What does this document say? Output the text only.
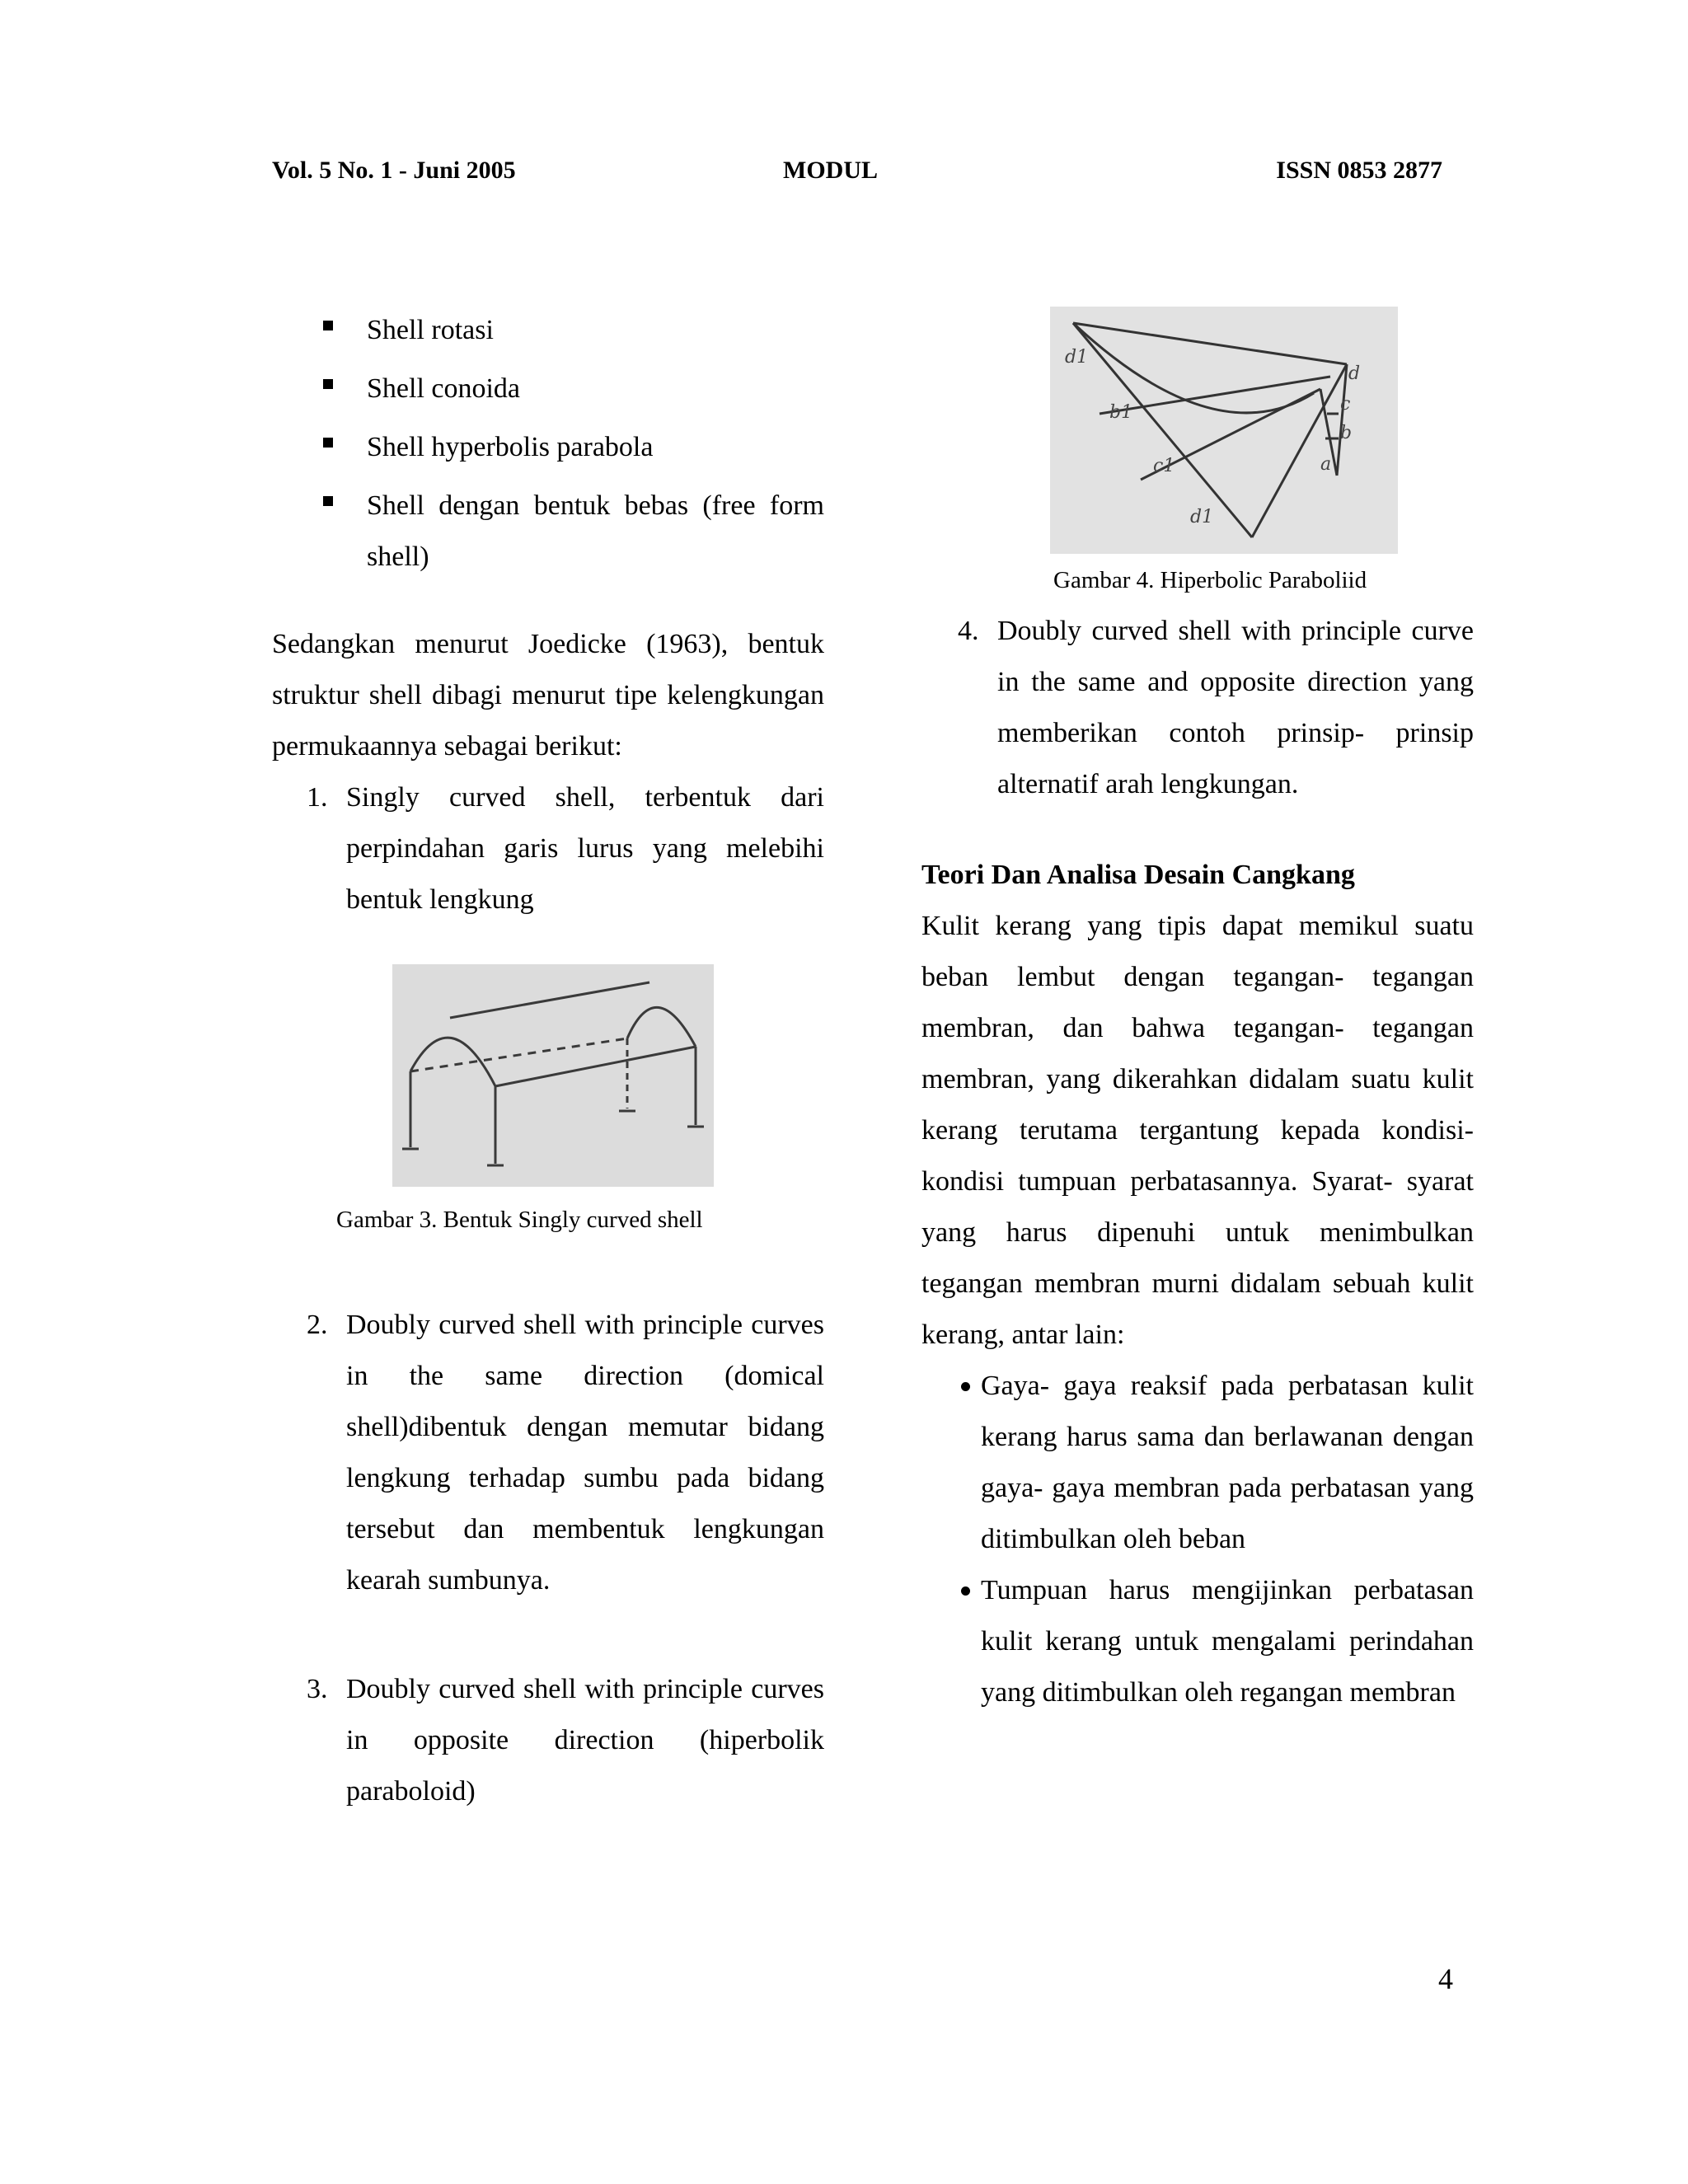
Vol. 5 No. 1 - Juni 2005	MODUL	ISSN 0853 2877
Shell rotasi
Shell conoida
Shell hyperbolis parabola
Shell dengan bentuk bebas (free form shell)
Sedangkan menurut Joedicke (1963), bentuk struktur shell dibagi menurut tipe kelengkungan permukaannya sebagai berikut:
1. Singly curved shell, terbentuk dari perpindahan garis lurus yang melebihi bentuk lengkung
2. Doubly curved shell with principle curves in the same direction (domical shell)dibentuk dengan memutar bidang lengkung terhadap sumbu pada bidang tersebut dan membentuk lengkungan kearah sumbunya.
3. Doubly curved shell with principle curves in opposite direction (hiperbolik paraboloid)
Gambar 3. Bentuk Singly curved shell
d1
b1
c1
d1
d
c
b
a
Gambar 4. Hiperbolic Paraboliid
4. Doubly curved shell with principle curve in the same and opposite direction yang memberikan contoh prinsip- prinsip alternatif arah lengkungan.
Teori Dan Analisa Desain Cangkang
Kulit kerang yang tipis dapat memikul suatu beban lembut dengan tegangan- tegangan membran, dan bahwa tegangan- tegangan membran, yang dikerahkan didalam suatu kulit kerang terutama tergantung kepada kondisi- kondisi tumpuan perbatasannya. Syarat- syarat yang harus dipenuhi untuk menimbulkan tegangan membran murni didalam sebuah kulit kerang, antar lain:
Gaya- gaya reaksif pada perbatasan kulit kerang harus sama dan berlawanan dengan gaya- gaya membran pada perbatasan yang ditimbulkan oleh beban
Tumpuan harus mengijinkan perbatasan kulit kerang untuk mengalami perindahan yang ditimbulkan oleh regangan membran
4
